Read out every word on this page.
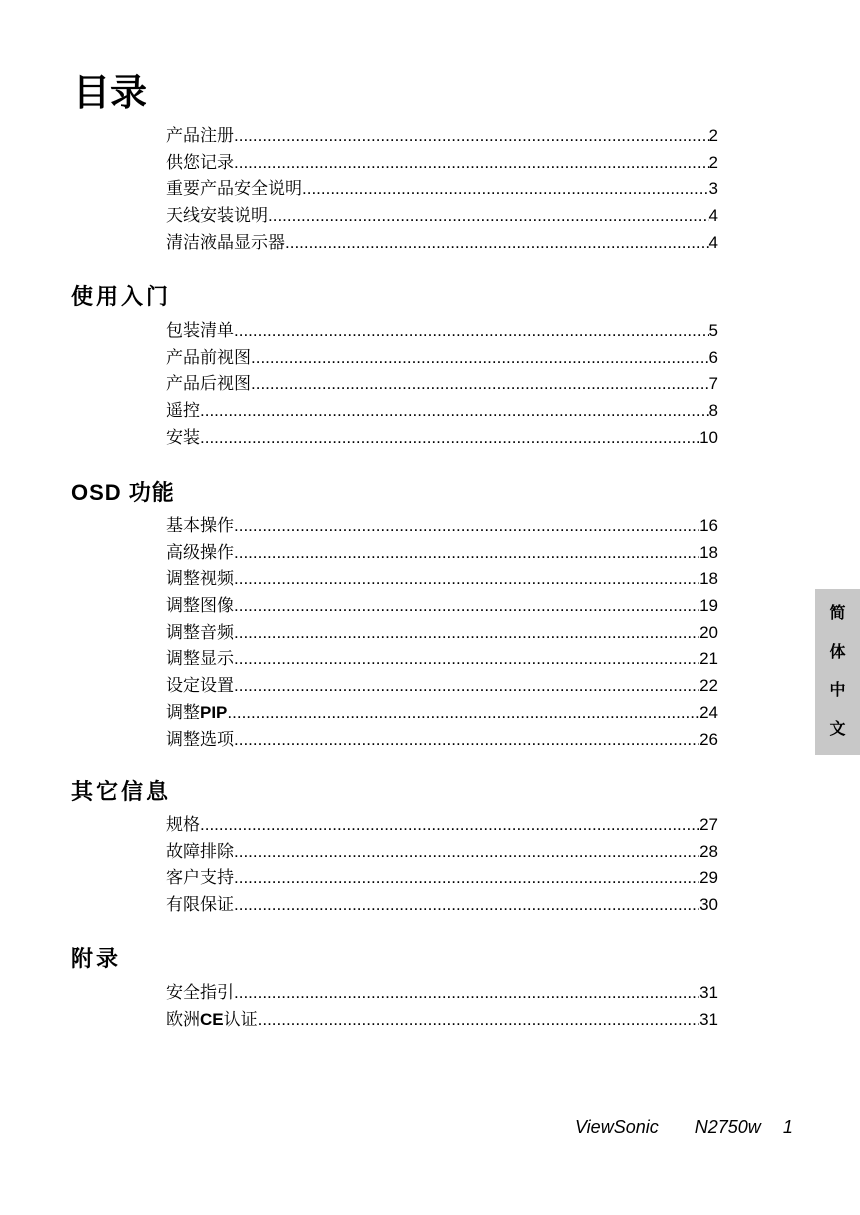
目录
产品注册 .....	2
供您记录 .....	2
重要产品安全说明 .....	3
天线安装说明 .....	4
清洁液晶显示器 .....	4
使用入门
包装清单 .....	5
产品前视图 .....	6
产品后视图 .....	7
遥控 .....	8
安装 .....	10
OSD 功能
基本操作 .....	16
高级操作 .....	18
调整视频 .....	18
调整图像 .....	19
调整音频 .....	20
调整显示 .....	21
设定设置 .....	22
调整PIP .....	24
调整选项 .....	26
其它信息
规格 .....	27
故障排除 .....	28
客户支持 .....	29
有限保证 .....	30
附录
安全指引 .....	31
欧洲CE认证 .....	31
简
体
中
文
ViewSonic N2750w 1
